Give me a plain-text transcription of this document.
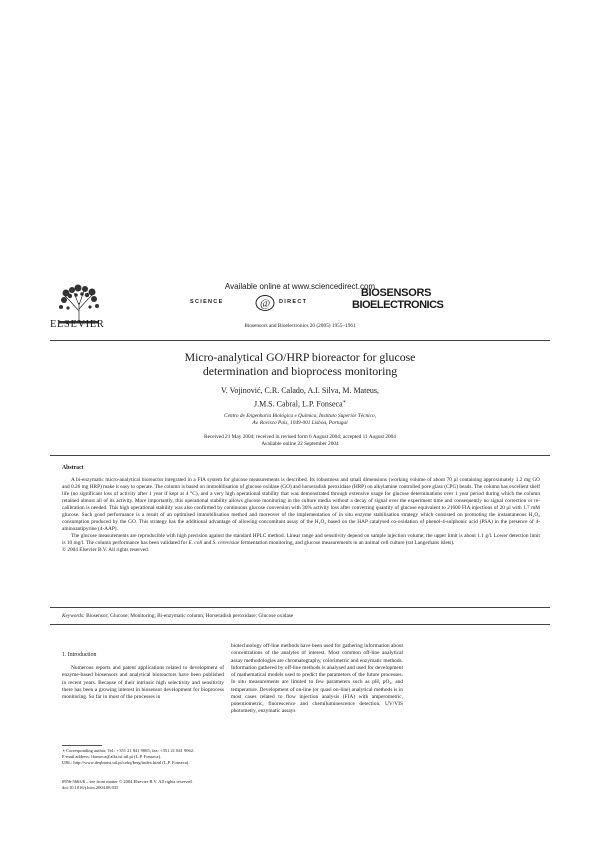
ELSEVIER
Available online at www.sciencedirect.com
SCIENCE	@ DIRECT
Biosensors and Bioelectronics 20 (2005) 1955–1961
BIOSENSORS
BIOELECTRONICS
Micro-analytical GO/HRP bioreactor for glucose
determination and bioprocess monitoring
V. Vojinović, C.R. Calado, A.I. Silva, M. Mateus,
J.M.S. Cabral, L.P. Fonseca∗
Centro de Engenharia Biológica e Química, Instituto Superior Técnico,
Av. Rovisco Pais, 1049-001 Lisboa, Portugal
Received 21 May 2004; received in revised form 6 August 2004; accepted 11 August 2004
Available online 22 September 2004
Abstract

A bi-enzymatic micro-analytical bioreactor integrated in a FIA system for glucose measurements is described. Its robustness and small dimensions (working volume of about 70 μl containing approximately 1.2 mg GO and 0.26 mg HRP) make it easy to operate. The column is based on immobilisation of glucose oxidase (GO) and horseradish peroxidase (HRP) on alkylamine controlled pore glass (CPG) beads. The column has excellent shelf life (no significant loss of activity after 1 year if kept at 4 °C), and a very high operational stability that was demonstrated through extensive usage for glucose determinations over 1 year period during which the column retained almost all of its activity. More importantly, this operational stability allows glucose monitoring in the culture media without a decay of signal over the experiment time and consequently no signal correction or re-calibration is needed. This high operational stability was also confirmed by continuous glucose conversion with 30% activity loss after converting quantity of glucose equivalent to 21600 FIA injections of 20 μl with 1.7 mM glucose. Such good performance is a result of an optimised immobilisation method and moreover of the implementation of in situ enzyme stabilisation strategy which consisted on promoting the instantaneous H₂O₂ consumption produced by the GO. This strategy has the additional advantage of allowing concomitant assay of the H₂O₂ based on the HAP catalysed co-oxidation of phenol-4-sulphonic acid (PSA) in the presence of 4-aminoantipyrine (4-AAP).

The glucose measurements are reproducible with high precision against the standard HPLC method. Linear range and sensitivity depend on sample injection volume; the upper limit is about 1.1 g/l. Lower detection limit is 10 mg/l. The column performance has been validated for E. coli and S. cerevisiae fermentation monitoring, and glucose measurements in an animal cell culture (rat Langerhans islets).

© 2004 Elsevier B.V. All rights reserved.

Keywords: Biosensor; Glucose; Monitoring; Bi-enzymatic column; Horseradish peroxidase; Glucose oxidase
1. Introduction

Numerous reports and patent applications related to development of enzyme-based biosensors and analytical bioreactors have been published in recent years. Because of their intrinsic high selectivity and sensitivity there has been a growing interest in biosensor development for bioprocess monitoring. So far in most of the processes in

biotechnology off-line methods have been used for gathering information about concentrations of the analytes of interest. Most common off-line analytical assay methodologies are chromatography, colorimetric and enzymatic methods. Information gathered by off-line methods is analysed and used for development of mathematical models used to predict the parameters of the future processes. In situ measurements are limited to few parameters such as pH, pO₂, and temperature. Development of on-line (or quasi on-line) analytical methods is in most cases related to flow injection analysis (FIA) with amperometric, potentiometric, fluorescence and chemiluminescence detection, UV/VIS photometry, enzymatic assays

∗ Corresponding author. Tel.: +351 21 841 9065; fax: +351 21 841 9062.

E-mail address: lfonseca@alfa.ist.utl.pt (L.P. Fonseca).

URL: http://www.deqbioist.utl.pt/cebq/berg/index.html (L.P. Fonseca).

0956-5663/$ – see front matter © 2004 Elsevier B.V. All rights reserved.

doi:10.1016/j.bios.2004.08.035
